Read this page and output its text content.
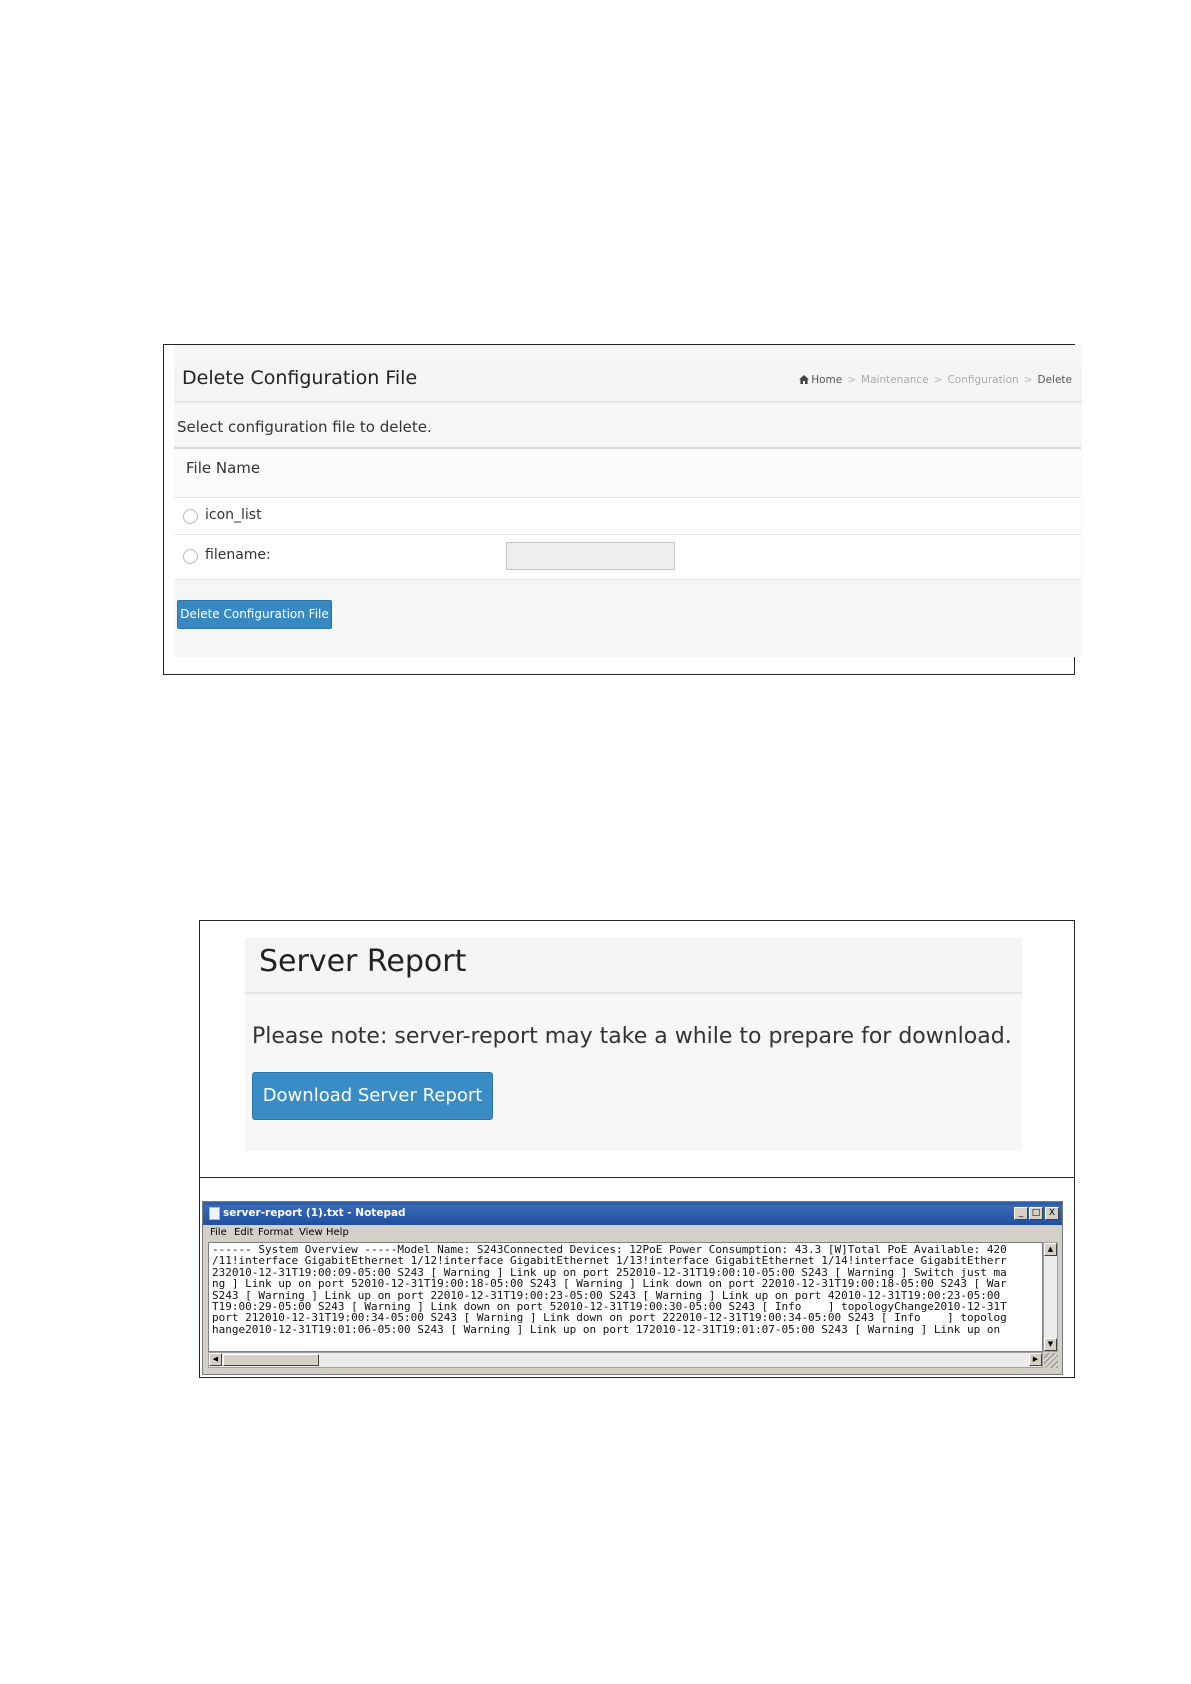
Delete Configuration File	Home > Maintenance > Configuration > Delete
Select configuration file to delete.
File Name
icon_list
filename:
Delete Configuration File
Server Report
Please note: server-report may take a while to prepare for download.
Download Server Report
server-report (1).txt - Notepad	_ □ X
File Edit Format View Help
------ System Overview -----Model Name: S243Connected Devices: 12PoE Power Consumption: 43.3 [W]Total PoE Available: 420
/11!interface GigabitEthernet 1/12!interface GigabitEthernet 1/13!interface GigabitEthernet 1/14!interface GigabitEtherr
232010-12-31T19:00:09-05:00 S243 [ Warning ] Link up on port 252010-12-31T19:00:10-05:00 S243 [ Warning ] Switch just ma
ng ] Link up on port 52010-12-31T19:00:18-05:00 S243 [ Warning ] Link down on port 22010-12-31T19:00:18-05:00 S243 [ War
S243 [ Warning ] Link up on port 22010-12-31T19:00:23-05:00 S243 [ Warning ] Link up on port 42010-12-31T19:00:23-05:00
T19:00:29-05:00 S243 [ Warning ] Link down on port 52010-12-31T19:00:30-05:00 S243 [ Info    ] topologyChange2010-12-31T
port 212010-12-31T19:00:34-05:00 S243 [ Warning ] Link down on port 222010-12-31T19:00:34-05:00 S243 [ Info    ] topolog
hange2010-12-31T19:01:06-05:00 S243 [ Warning ] Link up on port 172010-12-31T19:01:07-05:00 S243 [ Warning ] Link up on
▲
▼
◀	▶
